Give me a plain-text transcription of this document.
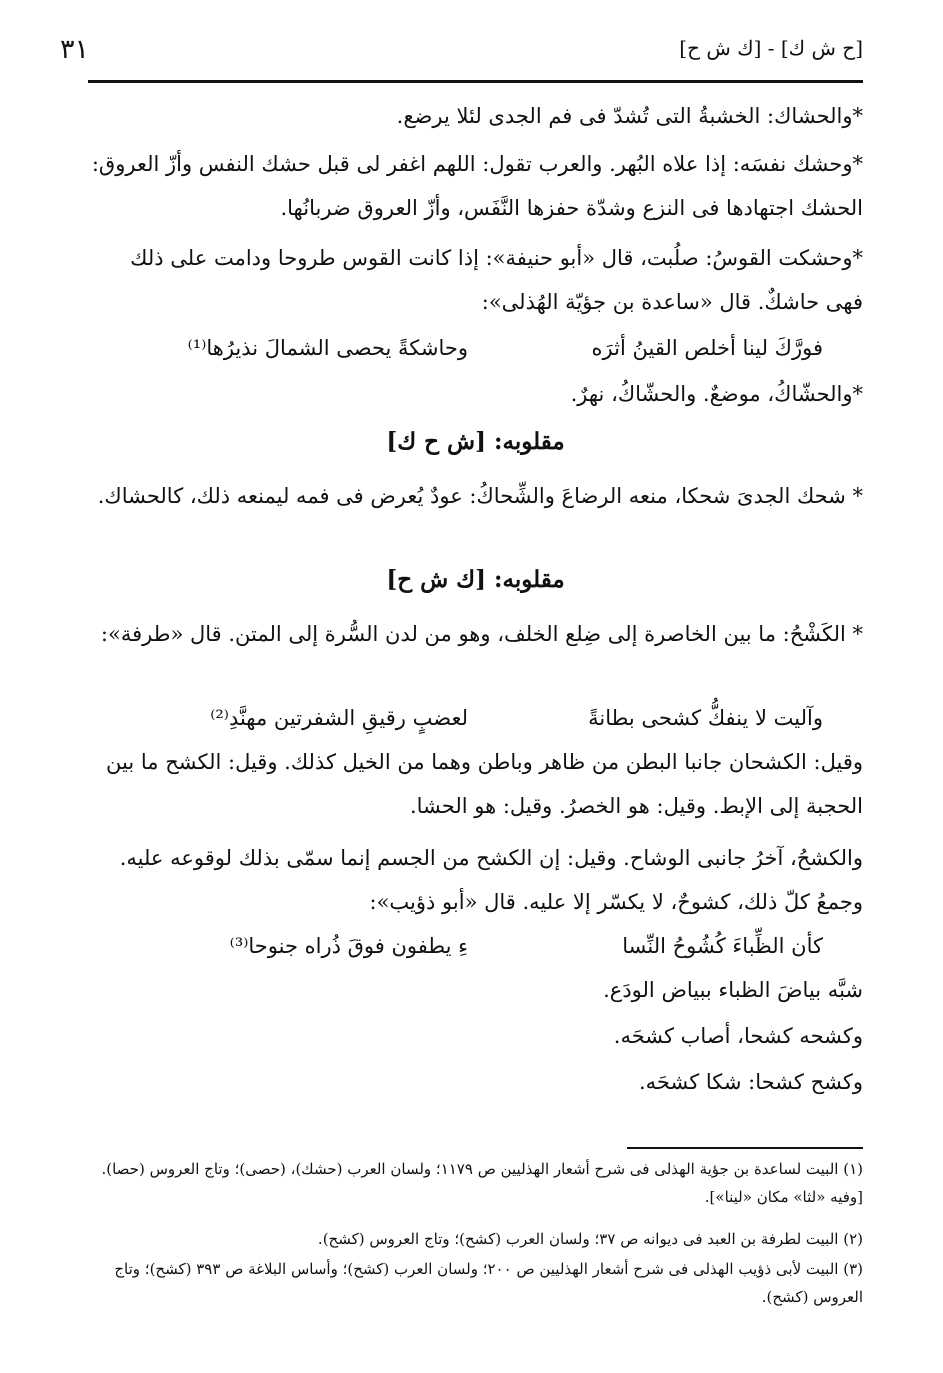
٣١	[ح ش ك] - [ك ش ح]
*والحشاك: الخشبةُ التى تُشدّ فى فم الجدى لئلا يرضع.
*وحشك نفسَه: إذا علاه البُهر. والعرب تقول: اللهم اغفر لى قبل حشك النفس وأزّ العروق: الحشك اجتهادها فى النزع وشدّة حفزها النَّفَس، وأزّ العروق ضربانُها.
*وحشكت القوسُ: صلُبت، قال «أبو حنيفة»: إذا كانت القوس طروحا ودامت على ذلك فهى حاشكٌ. قال «ساعدة بن جؤيّة الهُذلى»:
فورَّكَ لينا أخلص القينُ أثرَه
وحاشكةً يحصى الشمالَ نذيرُها⁽¹⁾
*والحشّاكُ، موضعٌ. والحشّاكُ، نهرٌ.
مقلوبه: [ش ح ك]
* شحك الجدىَ شحكا، منعه الرضاعَ والشِّحاكُ: عودٌ يُعرض فى فمه ليمنعه ذلك، كالحشاك.
مقلوبه: [ك ش ح]
* الكَشْحُ: ما بين الخاصرة إلى ضِلع الخلف، وهو من لدن السُّرة إلى المتن. قال «طرفة»:
وآليت لا ينفكُّ كشحى بطانةً
لعضبٍ رقيقِ الشفرتين مهنَّدِ⁽²⁾
وقيل: الكشحان جانبا البطن من ظاهر وباطن وهما من الخيل كذلك. وقيل: الكشح ما بين الحجبة إلى الإبط. وقيل: هو الخصرُ. وقيل: هو الحشا.
والكشحُ، آخرُ جانبى الوشاح. وقيل: إن الكشح من الجسم إنما سمّى بذلك لوقوعه عليه. وجمعُ كلّ ذلك، كشوحٌ، لا يكسّر إلا عليه. قال «أبو ذؤيب»:
كأن الظِّباءَ كُشُوحُ النِّسا
ءِ يطفون فوقَ ذُراه جنوحا⁽³⁾
شبَّه بياضَ الظباء ببياض الودَع.
وكشحه كشحا، أصاب كشحَه.
وكشح كشحا: شكا كشحَه.
(١) البيت لساعدة بن جؤية الهذلى فى شرح أشعار الهذليين ص ١١٧٩؛ ولسان العرب (حشك)، (حصى)؛ وتاج العروس (حصا). [وفيه «لثا» مكان «لينا»].
(٢) البيت لطرفة بن العبد فى ديوانه ص ٣٧؛ ولسان العرب (كشح)؛ وتاج العروس (كشح).
(٣) البيت لأبى ذؤيب الهذلى فى شرح أشعار الهذليين ص ٢٠٠؛ ولسان العرب (كشح)؛ وأساس البلاغة ص ٣٩٣ (كشح)؛ وتاج العروس (كشح).
